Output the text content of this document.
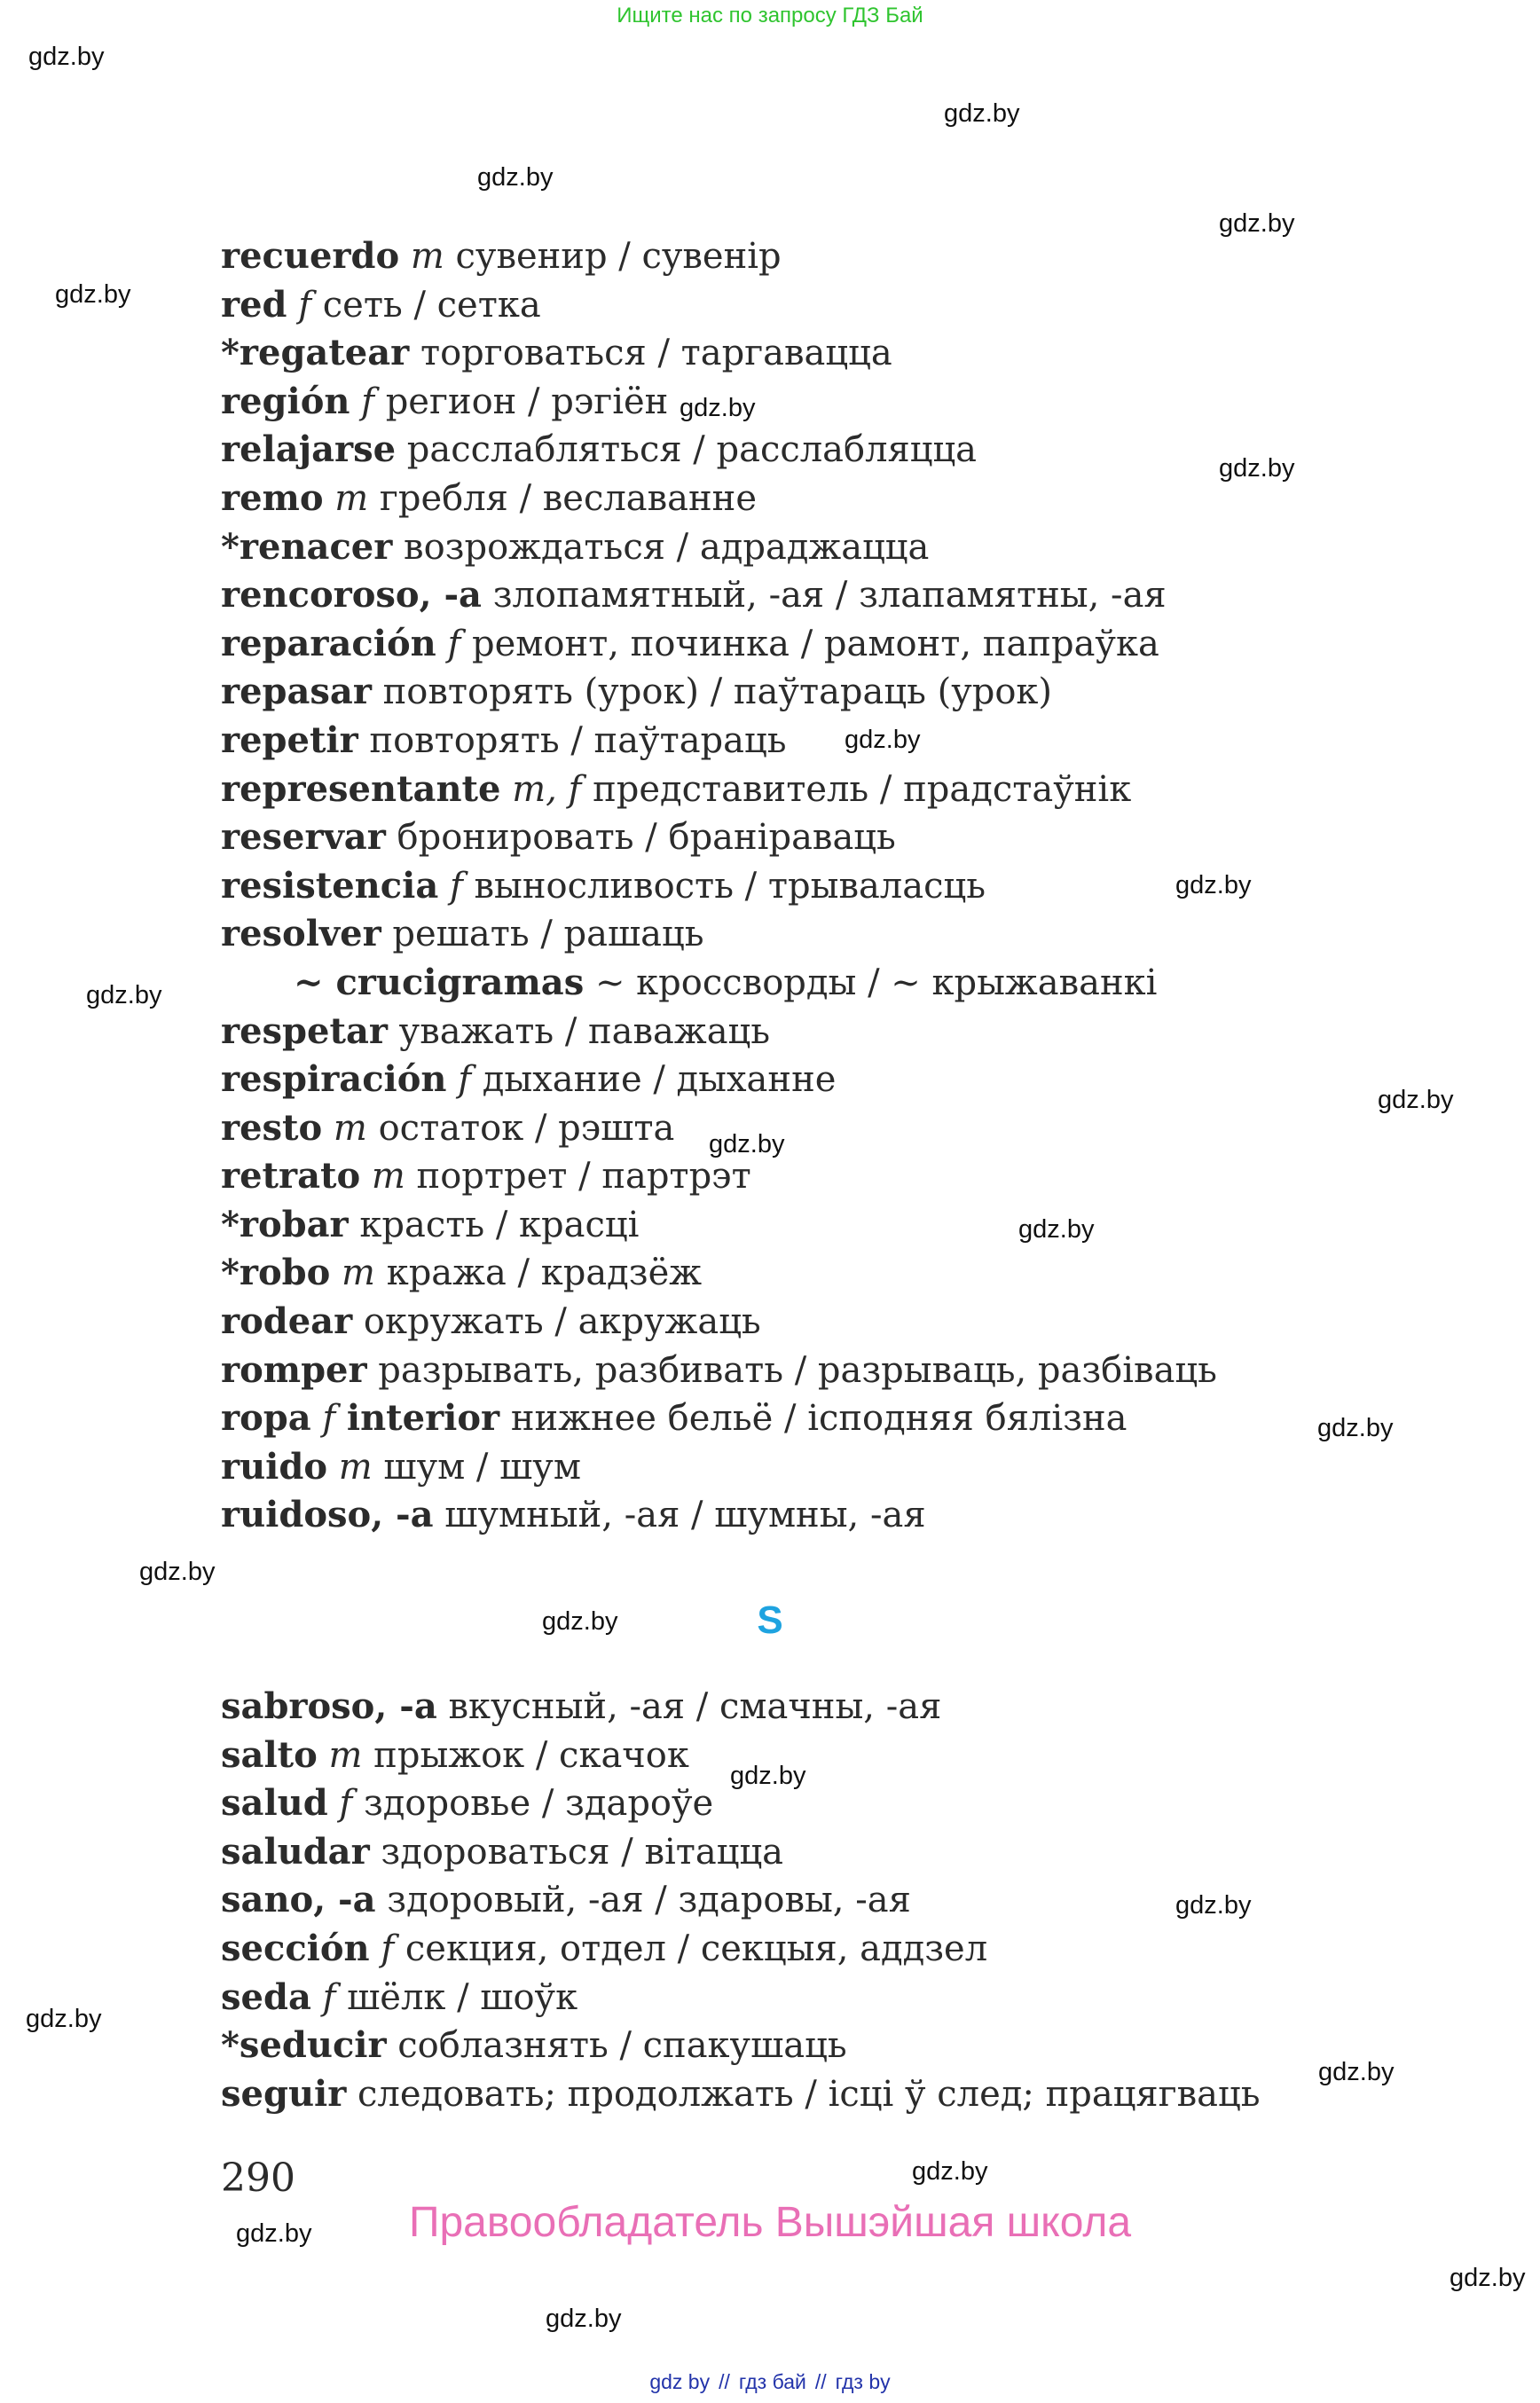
Ищите нас по запросу ГДЗ Бай
gdz.by
gdz.by
gdz.by
gdz.by
gdz.by
gdz.by
gdz.by
gdz.by
gdz.by
gdz.by
gdz.by
gdz.by
gdz.by
gdz.by
gdz.by
gdz.by
gdz.by
gdz.by
gdz.by
gdz.by
gdz.by
gdz.by
gdz.by
gdz.by
recuerdo m сувенир / сувенір
red f сеть / сетка
*regatear торговаться / таргавацца
región f регион / рэгiён
relajarse расслабляться / расслабляцца
remo m гребля / веславанне
*renacer возрождаться / адраджацца
rencoroso, -a злопамятный, -ая / злапамятны, -ая
reparación f ремонт, починка / рамонт, папраўка
repasar повторять (урок) / паўтараць (урок)
repetir повторять / паўтараць
representante m, f представитель / прадстаўнік
reservar бронировать / браніраваць
resistencia f выносливость / трываласць
resolver решать / рашаць
~ crucigramas ~ кроссворды / ~ крыжаванкі
respetar уважать / паважаць
respiración f дыхание / дыханне
resto m остаток / рэшта
retrato m портрет / партрэт
*robar красть / красці
*robo m кража / крадзёж
rodear окружать / акружаць
romper разрывать, разбивать / разрываць, разбіваць
ropa f interior нижнее бельё / ісподняя бялізна
ruido m шум / шум
ruidoso, -a шумный, -ая / шумны, -ая
S
sabroso, -a вкусный, -ая / смачны, -ая
salto m прыжок / скачок
salud f здоровье / здароўе
saludar здороваться / вітацца
sano, -a здоровый, -ая / здаровы, -ая
sección f секция, отдел / секцыя, аддзел
seda f шёлк / шоўк
*seducir соблазнять / спакушаць
seguir следовать; продолжать / ісці ў след; працягваць
290
Правообладатель Вышэйшая школа
gdz by // гдз бай // гдз by
